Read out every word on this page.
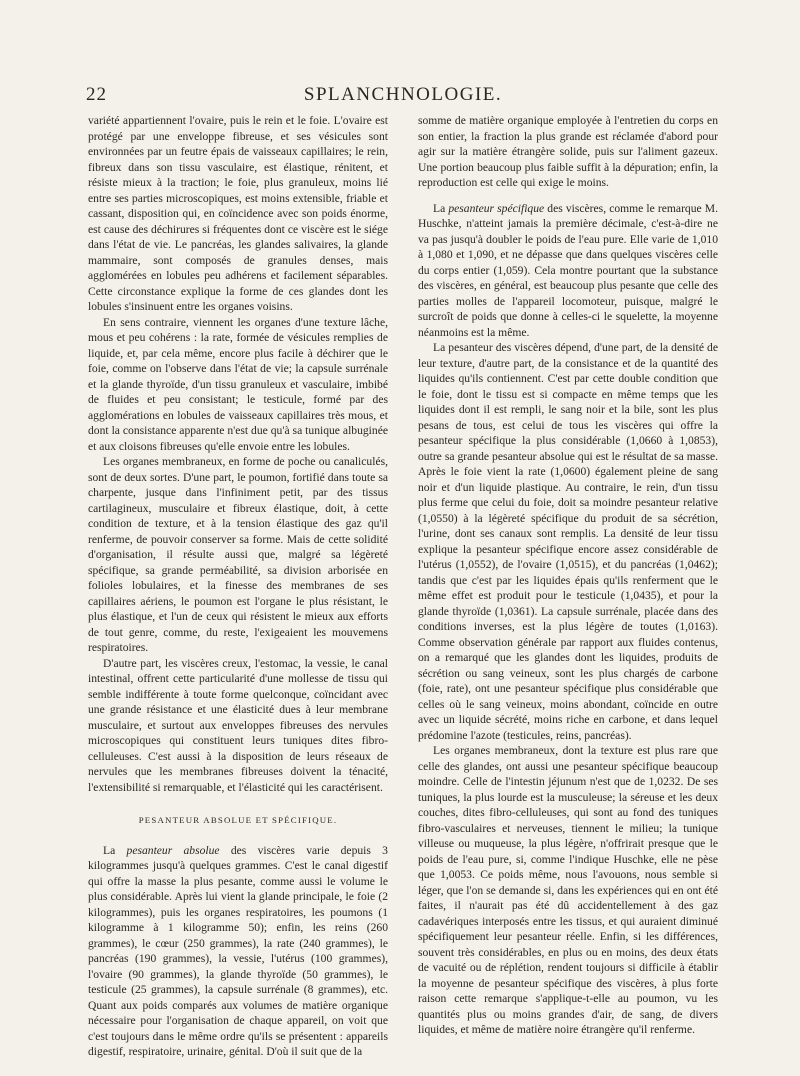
SPLANCHNOLOGIE.
22

variété appartiennent l'ovaire, puis le rein et le foie. L'ovaire est protégé par une enveloppe fibreuse, et ses vésicules sont environnées par un feutre épais de vaisseaux capillaires; le rein, fibreux dans son tissu vasculaire, est élastique, rénitent, et résiste mieux à la traction; le foie, plus granuleux, moins lié entre ses parties microscopiques, est moins extensible, friable et cassant, disposition qui, en coïncidence avec son poids énorme, est cause des déchirures si fréquentes dont ce viscère est le siége dans l'état de vie. Le pancréas, les glandes salivaires, la glande mammaire, sont composés de granules denses, mais agglomérées en lobules peu adhérens et facilement séparables. Cette circonstance explique la forme de ces glandes dont les lobules s'insinuent entre les organes voisins.

En sens contraire, viennent les organes d'une texture lâche, mous et peu cohérens : la rate, formée de vésicules remplies de liquide, et, par cela même, encore plus facile à déchirer que le foie, comme on l'observe dans l'état de vie; la capsule surrénale et la glande thyroïde, d'un tissu granuleux et vasculaire, imbibé de fluides et peu consistant; le testicule, formé par des agglomérations en lobules de vaisseaux capillaires très mous, et dont la consistance apparente n'est due qu'à sa tunique albuginée et aux cloisons fibreuses qu'elle envoie entre les lobules.

Les organes membraneux, en forme de poche ou canaliculés, sont de deux sortes. D'une part, le poumon, fortifié dans toute sa charpente, jusque dans l'infiniment petit, par des tissus cartilagineux, musculaire et fibreux élastique, doit, à cette condition de texture, et à la tension élastique des gaz qu'il renferme, de pouvoir conserver sa forme. Mais de cette solidité d'organisation, il résulte aussi que, malgré sa légèreté spécifique, sa grande perméabilité, sa division arborisée en folioles lobulaires, et la finesse des membranes de ses capillaires aériens, le poumon est l'organe le plus résistant, le plus élastique, et l'un de ceux qui résistent le mieux aux efforts de tout genre, comme, du reste, l'exigeaient les mouvemens respiratoires.

D'autre part, les viscères creux, l'estomac, la vessie, le canal intestinal, offrent cette particularité d'une mollesse de tissu qui semble indifférente à toute forme quelconque, coïncidant avec une grande résistance et une élasticité dues à leur membrane musculaire, et surtout aux enveloppes fibreuses des nervules microscopiques qui constituent leurs tuniques dites fibro-celluleuses. C'est aussi à la disposition de leurs réseaux de nervules que les membranes fibreuses doivent la ténacité, l'extensibilité si remarquable, et l'élasticité qui les caractérisent.

PESANTEUR ABSOLUE ET SPÉCIFIQUE.

La pesanteur absolue des viscères varie depuis 3 kilogrammes jusqu'à quelques grammes. C'est le canal digestif qui offre la masse la plus pesante, comme aussi le volume le plus considérable. Après lui vient la glande principale, le foie (2 kilogrammes), puis les organes respiratoires, les poumons (1 kilogramme à 1 kilogramme 50); enfin, les reins (260 grammes), le cœur (250 grammes), la rate (240 grammes), le pancréas (190 grammes), la vessie, l'utérus (100 grammes), l'ovaire (90 grammes), la glande thyroïde (50 grammes), le testicule (25 grammes), la capsule surrénale (8 grammes), etc. Quant aux poids comparés aux volumes de matière organique nécessaire pour l'organisation de chaque appareil, on voit que c'est toujours dans le même ordre qu'ils se présentent : appareils digestif, respiratoire, urinaire, génital. D'où il suit que de la

somme de matière organique employée à l'entretien du corps en son entier, la fraction la plus grande est réclamée d'abord pour agir sur la matière étrangère solide, puis sur l'aliment gazeux. Une portion beaucoup plus faible suffit à la dépuration; enfin, la reproduction est celle qui exige le moins.

La pesanteur spécifique des viscères, comme le remarque M. Huschke, n'atteint jamais la première décimale, c'est-à-dire ne va pas jusqu'à doubler le poids de l'eau pure. Elle varie de 1,010 à 1,080 et 1,090, et ne dépasse que dans quelques viscères celle du corps entier (1,059). Cela montre pourtant que la substance des viscères, en général, est beaucoup plus pesante que celle des parties molles de l'appareil locomoteur, puisque, malgré le surcroît de poids que donne à celles-ci le squelette, la moyenne néanmoins est la même.

La pesanteur des viscères dépend, d'une part, de la densité de leur texture, d'autre part, de la consistance et de la quantité des liquides qu'ils contiennent. C'est par cette double condition que le foie, dont le tissu est si compacte en même temps que les liquides dont il est rempli, le sang noir et la bile, sont les plus pesans de tous, est celui de tous les viscères qui offre la pesanteur spécifique la plus considérable (1,0660 à 1,0853), outre sa grande pesanteur absolue qui est le résultat de sa masse. Après le foie vient la rate (1,0600) également pleine de sang noir et d'un liquide plastique. Au contraire, le rein, d'un tissu plus ferme que celui du foie, doit sa moindre pesanteur relative (1,0550) à la légèreté spécifique du produit de sa sécrétion, l'urine, dont ses canaux sont remplis. La densité de leur tissu explique la pesanteur spécifique encore assez considérable de l'utérus (1,0552), de l'ovaire (1,0515), et du pancréas (1,0462); tandis que c'est par les liquides épais qu'ils renferment que le même effet est produit pour le testicule (1,0435), et pour la glande thyroïde (1,0361). La capsule surrénale, placée dans des conditions inverses, est la plus légère de toutes (1,0163). Comme observation générale par rapport aux fluides contenus, on a remarqué que les glandes dont les liquides, produits de sécrétion ou sang veineux, sont les plus chargés de carbone (foie, rate), ont une pesanteur spécifique plus considérable que celles où le sang veineux, moins abondant, coïncide en outre avec un liquide sécrété, moins riche en carbone, et dans lequel prédomine l'azote (testicules, reins, pancréas).

Les organes membraneux, dont la texture est plus rare que celle des glandes, ont aussi une pesanteur spécifique beaucoup moindre. Celle de l'intestin jéjunum n'est que de 1,0232. De ses tuniques, la plus lourde est la musculeuse; la séreuse et les deux couches, dites fibro-celluleuses, qui sont au fond des tuniques fibro-vasculaires et nerveuses, tiennent le milieu; la tunique villeuse ou muqueuse, la plus légère, n'offrirait presque que le poids de l'eau pure, si, comme l'indique Huschke, elle ne pèse que 1,0053. Ce poids même, nous l'avouons, nous semble si léger, que l'on se demande si, dans les expériences qui en ont été faites, il n'aurait pas été dû accidentellement à des gaz cadavériques interposés entre les tissus, et qui auraient diminué spécifiquement leur pesanteur réelle. Enfin, si les différences, souvent très considérables, en plus ou en moins, des deux états de vacuité ou de réplétion, rendent toujours si difficile à établir la moyenne de pesanteur spécifique des viscères, à plus forte raison cette remarque s'applique-t-elle au poumon, vu les quantités plus ou moins grandes d'air, de sang, de divers liquides, et même de matière noire étrangère qu'il renferme.
